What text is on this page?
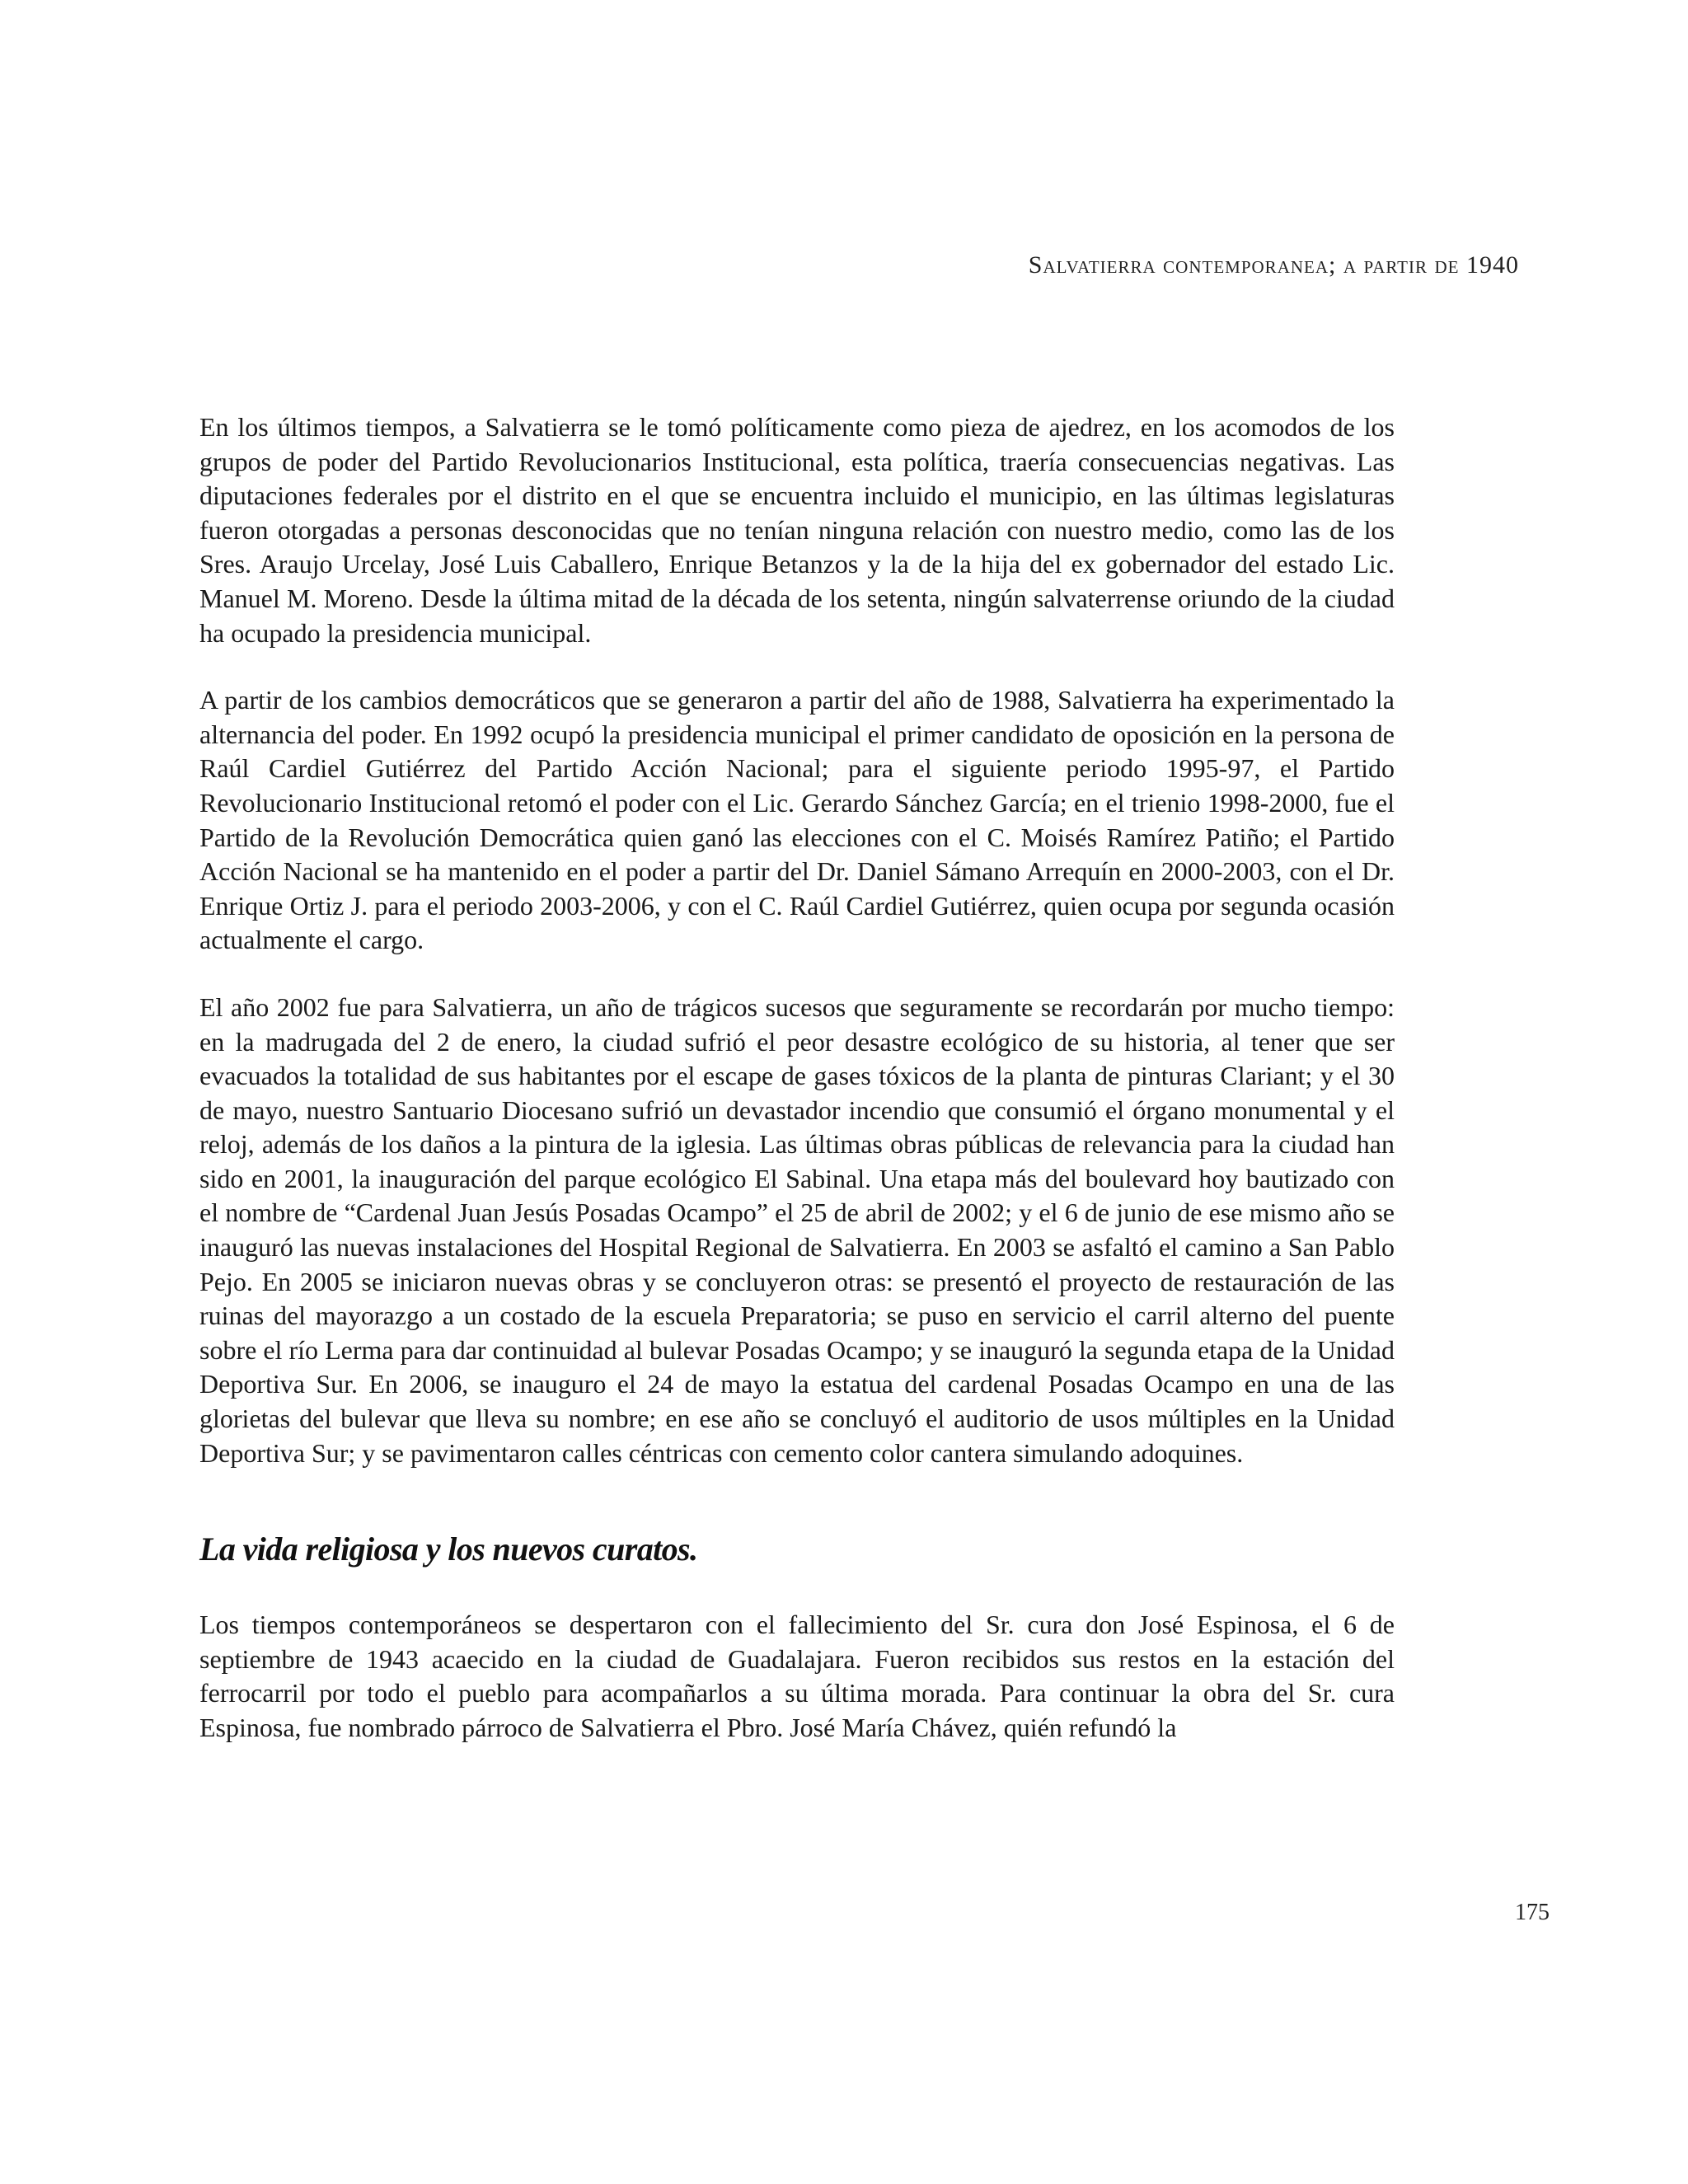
Salvatierra contemporanea; a partir de 1940

En los últimos tiempos, a Salvatierra se le tomó políticamente como pieza de ajedrez, en los acomodos de los grupos de poder del Partido Revolucionarios Institucional, esta política, traería consecuencias negativas. Las diputaciones federales por el distrito en el que se encuentra incluido el municipio, en las últimas legislaturas fueron otorgadas a personas desconocidas que no tenían ninguna relación con nuestro medio, como las de los Sres. Araujo Urcelay, José Luis Caballero, Enrique Betanzos y la de la hija del ex gobernador del estado Lic. Manuel M. Moreno. Desde la última mitad de la década de los setenta, ningún salvaterrense oriundo de la ciudad ha ocupado la presidencia municipal.

A partir de los cambios democráticos que se generaron a partir del año de 1988, Salvatierra ha experimentado la alternancia del poder. En 1992 ocupó la presidencia municipal el primer candidato de oposición en la persona de Raúl Cardiel Gutiérrez del Partido Acción Nacional; para el siguiente periodo 1995-97, el Partido Revolucionario Institucional retomó el poder con el Lic. Gerardo Sánchez García; en el trienio 1998-2000, fue el Partido de la Revolución Democrática quien ganó las elecciones con el C. Moisés Ramírez Patiño; el Partido Acción Nacional se ha mantenido en el poder a partir del Dr. Daniel Sámano Arrequín en 2000-2003, con el Dr. Enrique Ortiz J. para el periodo 2003-2006, y con el C. Raúl Cardiel Gutiérrez, quien ocupa por segunda ocasión actualmente el cargo.

El año 2002 fue para Salvatierra, un año de trágicos sucesos que seguramente se recordarán por mucho tiempo: en la madrugada del 2 de enero, la ciudad sufrió el peor desastre ecológico de su historia, al tener que ser evacuados la totalidad de sus habitantes por el escape de gases tóxicos de la planta de pinturas Clariant; y el 30 de mayo, nuestro Santuario Diocesano sufrió un devastador incendio que consumió el órgano monumental y el reloj, además de los daños a la pintura de la iglesia. Las últimas obras públicas de relevancia para la ciudad han sido en 2001, la inauguración del parque ecológico El Sabinal. Una etapa más del boulevard hoy bautizado con el nombre de “Cardenal Juan Jesús Posadas Ocampo” el 25 de abril de 2002; y el 6 de junio de ese mismo año se inauguró las nuevas instalaciones del Hospital Regional de Salvatierra. En 2003 se asfaltó el camino a San Pablo Pejo. En 2005 se iniciaron nuevas obras y se concluyeron otras: se presentó el proyecto de restauración de las ruinas del mayorazgo a un costado de la escuela Preparatoria; se puso en servicio el carril alterno del puente sobre el río Lerma para dar continuidad al bulevar Posadas Ocampo; y se inauguró la segunda etapa de la Unidad Deportiva Sur. En 2006, se inauguro el 24 de mayo la estatua del cardenal Posadas Ocampo en una de las glorietas del bulevar que lleva su nombre; en ese año se concluyó el auditorio de usos múltiples en la Unidad Deportiva Sur; y se pavimentaron calles céntricas con cemento color cantera simulando adoquines.

La vida religiosa y los nuevos curatos.

Los tiempos contemporáneos se despertaron con el fallecimiento del Sr. cura don José Espinosa, el 6 de septiembre de 1943 acaecido en la ciudad de Guadalajara. Fueron recibidos sus restos en la estación del ferrocarril por todo el pueblo para acompañarlos a su última morada. Para continuar la obra del Sr. cura Espinosa, fue nombrado párroco de Salvatierra el Pbro. José María Chávez, quién refundó la

175
